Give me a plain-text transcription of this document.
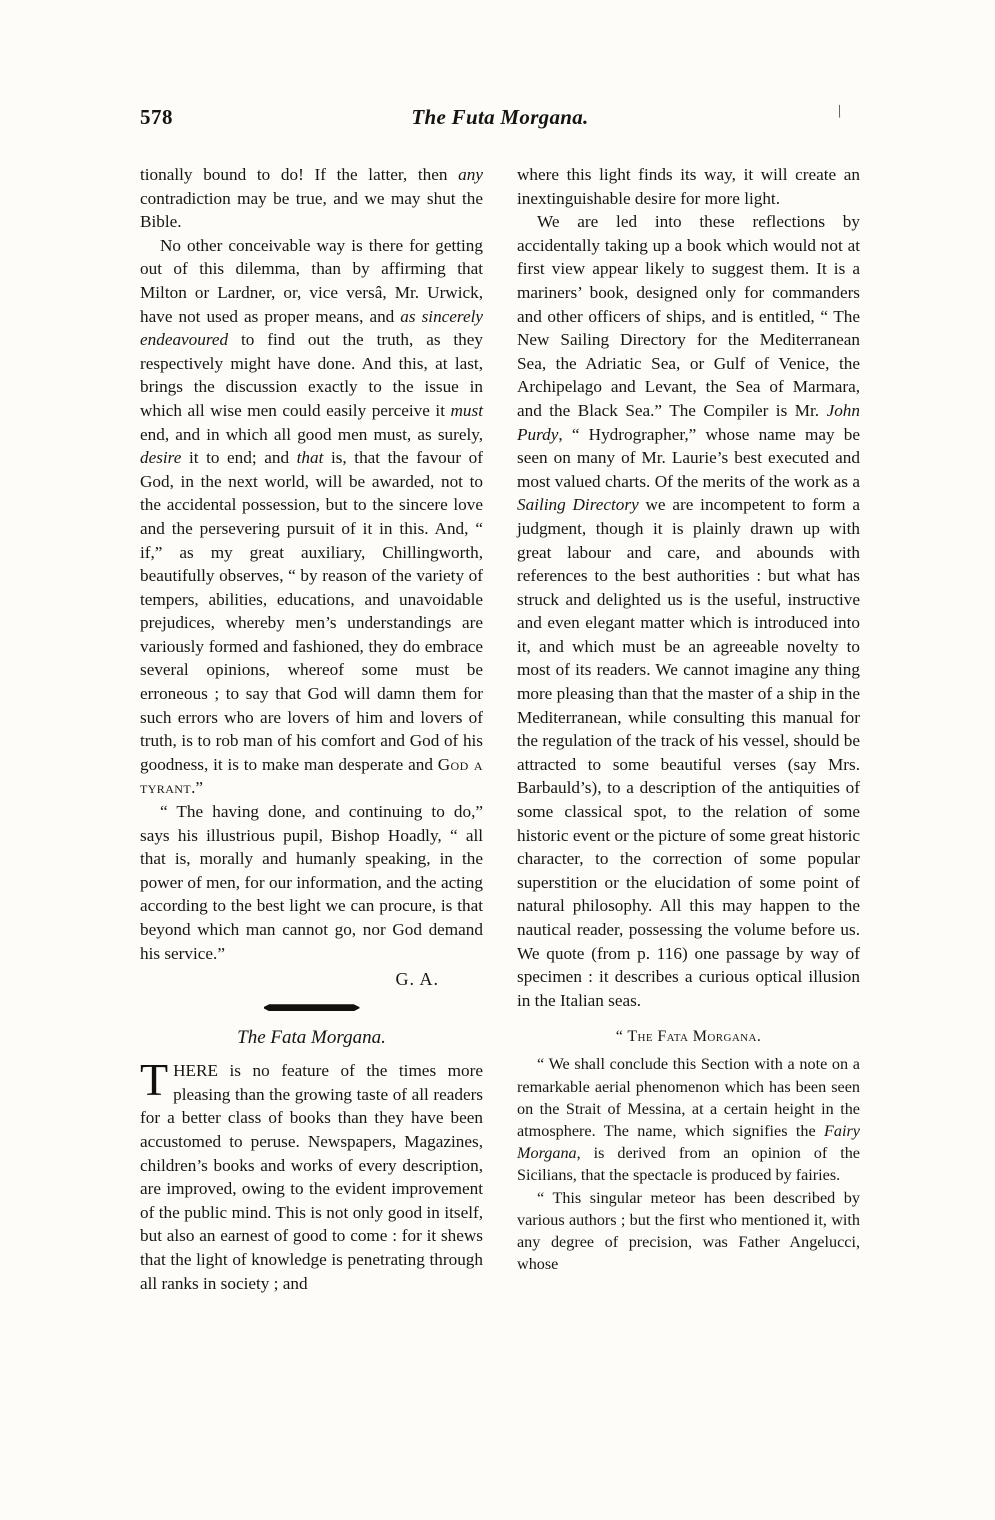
578	The Futa Morgana.	\

tionally bound to do! If the latter, then any contradiction may be true, and we may shut the Bible.

No other conceivable way is there for getting out of this dilemma, than by affirming that Milton or Lardner, or, vice versâ, Mr. Urwick, have not used as proper means, and as sincerely endeavoured to find out the truth, as they respectively might have done. And this, at last, brings the discussion exactly to the issue in which all wise men could easily perceive it must end, and in which all good men must, as surely, desire it to end; and that is, that the favour of God, in the next world, will be awarded, not to the accidental possession, but to the sincere love and the persevering pursuit of it in this. And, “ if,” as my great auxiliary, Chillingworth, beautifully observes, “ by reason of the variety of tempers, abilities, educations, and unavoidable prejudices, whereby men’s understandings are variously formed and fashioned, they do embrace several opinions, whereof some must be erroneous ; to say that God will damn them for such errors who are lovers of him and lovers of truth, is to rob man of his comfort and God of his goodness, it is to make man desperate and God a tyrant.”

“ The having done, and continuing to do,” says his illustrious pupil, Bishop Hoadly, “ all that is, morally and humanly speaking, in the power of men, for our information, and the acting according to the best light we can procure, is that beyond which man cannot go, nor God demand his service.”

G. A.
The Fata Morgana.

THERE is no feature of the times more pleasing than the growing taste of all readers for a better class of books than they have been accustomed to peruse. Newspapers, Magazines, children’s books and works of every description, are improved, owing to the evident improvement of the public mind. This is not only good in itself, but also an earnest of good to come : for it shews that the light of knowledge is penetrating through all ranks in society ; and

where this light finds its way, it will create an inextinguishable desire for more light.

We are led into these reflections by accidentally taking up a book which would not at first view appear likely to suggest them. It is a mariners’ book, designed only for commanders and other officers of ships, and is entitled, “ The New Sailing Directory for the Mediterranean Sea, the Adriatic Sea, or Gulf of Venice, the Archipelago and Levant, the Sea of Marmara, and the Black Sea.” The Compiler is Mr. John Purdy, “ Hydrographer,” whose name may be seen on many of Mr. Laurie’s best executed and most valued charts. Of the merits of the work as a Sailing Directory we are incompetent to form a judgment, though it is plainly drawn up with great labour and care, and abounds with references to the best authorities : but what has struck and delighted us is the useful, instructive and even elegant matter which is introduced into it, and which must be an agreeable novelty to most of its readers. We cannot imagine any thing more pleasing than that the master of a ship in the Mediterranean, while consulting this manual for the regulation of the track of his vessel, should be attracted to some beautiful verses (say Mrs. Barbauld’s), to a description of the antiquities of some classical spot, to the relation of some historic event or the picture of some great historic character, to the correction of some popular superstition or the elucidation of some point of natural philosophy. All this may happen to the nautical reader, possessing the volume before us. We quote (from p. 116) one passage by way of specimen : it describes a curious optical illusion in the Italian seas.

“ The Fata Morgana.

“ We shall conclude this Section with a note on a remarkable aerial phenomenon which has been seen on the Strait of Messina, at a certain height in the atmosphere. The name, which signifies the Fairy Morgana, is derived from an opinion of the Sicilians, that the spectacle is produced by fairies.

“ This singular meteor has been described by various authors ; but the first who mentioned it, with any degree of precision, was Father Angelucci, whose
